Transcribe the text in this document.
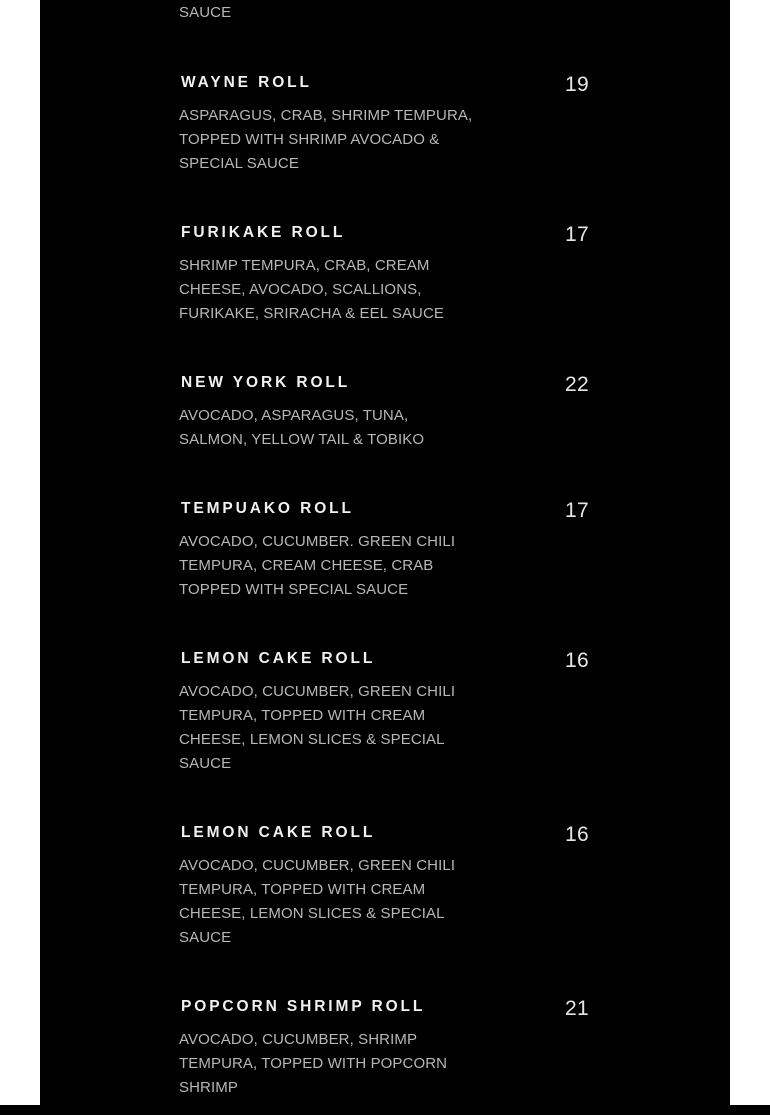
SAUCE
WAYNE ROLL	19
ASPARAGUS, CRAB, SHRIMP TEMPURA, TOPPED WITH SHRIMP AVOCADO & SPECIAL SAUCE
FURIKAKE ROLL	17
SHRIMP TEMPURA, CRAB, CREAM CHEESE, AVOCADO, SCALLIONS, FURIKAKE, SRIRACHA & EEL SAUCE
NEW YORK ROLL	22
AVOCADO, ASPARAGUS, TUNA, SALMON, YELLOW TAIL & TOBIKO
TEMPUAKO ROLL	17
AVOCADO, CUCUMBER. GREEN CHILI TEMPURA, CREAM CHEESE, CRAB TOPPED WITH SPECIAL SAUCE
LEMON CAKE ROLL	16
AVOCADO, CUCUMBER, GREEN CHILI TEMPURA, TOPPED WITH CREAM CHEESE, LEMON SLICES & SPECIAL SAUCE
LEMON CAKE ROLL	16
AVOCADO, CUCUMBER, GREEN CHILI TEMPURA, TOPPED WITH CREAM CHEESE, LEMON SLICES & SPECIAL SAUCE
POPCORN SHRIMP ROLL	21
AVOCADO, CUCUMBER, SHRIMP TEMPURA, TOPPED WITH POPCORN SHRIMP
